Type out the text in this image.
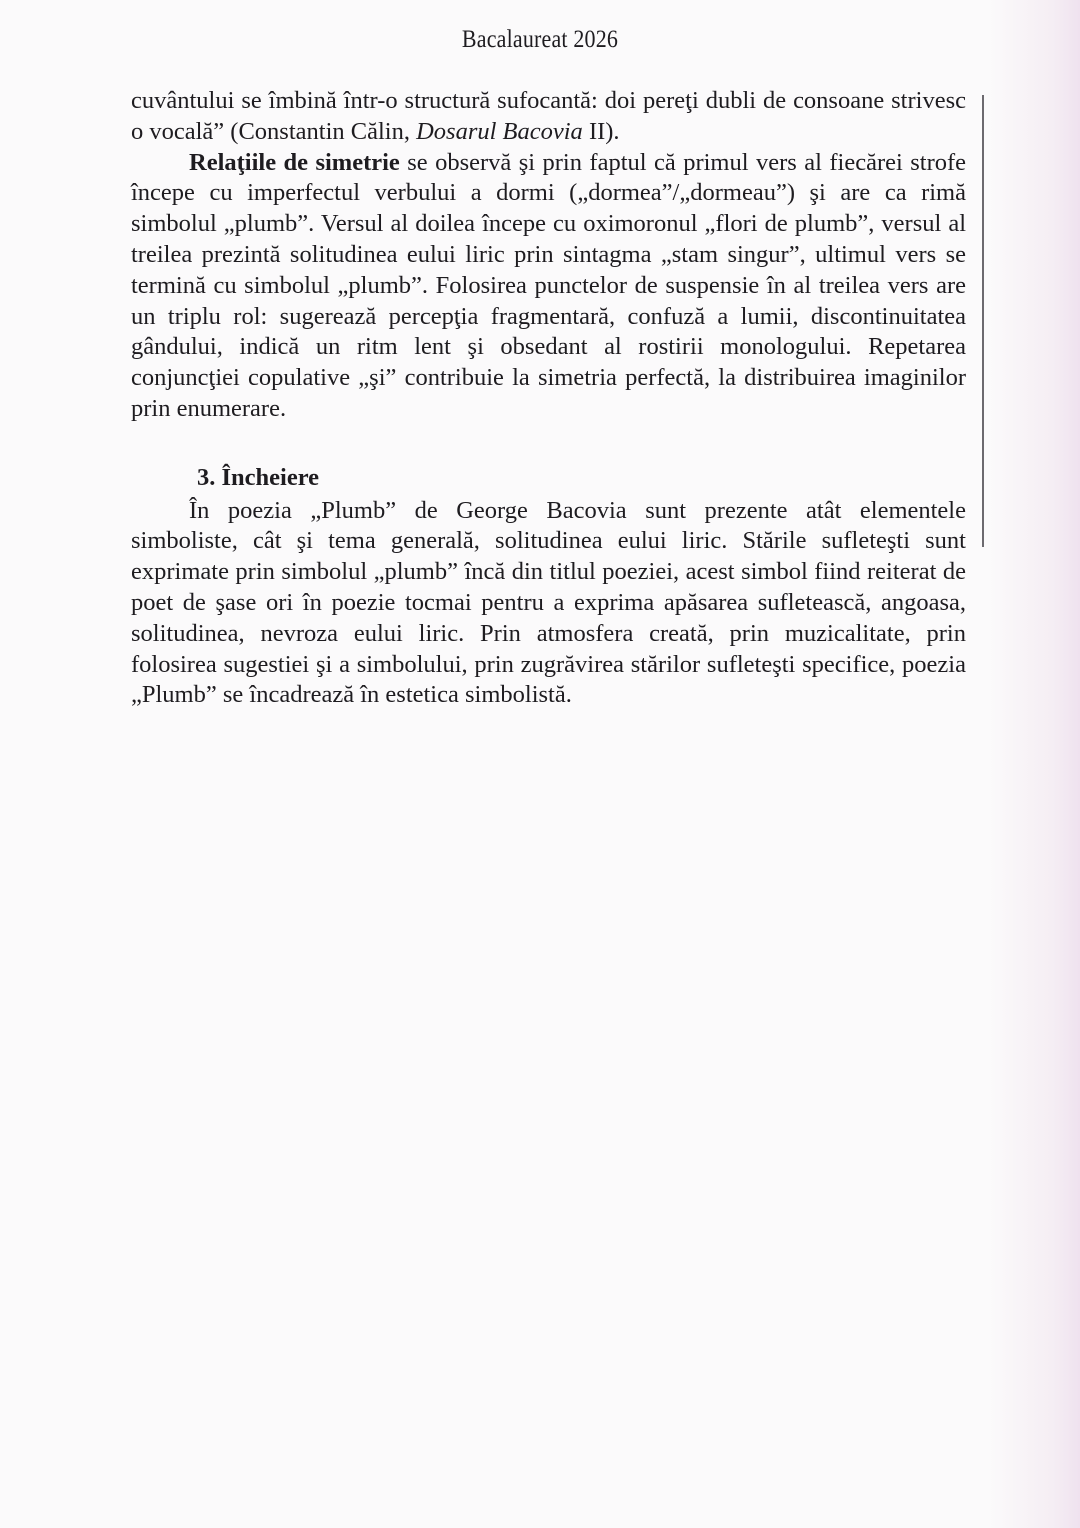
Bacalaureat 2026

cuvântului se îmbină într-o structură sufocantă: doi pereţi dubli de consoane strivesc o vocală” (Constantin Călin, Dosarul Bacovia II).

Relaţiile de simetrie se observă şi prin faptul că primul vers al fiecărei strofe începe cu imperfectul verbului a dormi („dormea”/„dormeau”) şi are ca rimă simbolul „plumb”. Versul al doilea începe cu oximoronul „flori de plumb”, versul al treilea prezintă solitudinea eului liric prin sintagma „stam singur”, ultimul vers se termină cu simbolul „plumb”. Folosirea punctelor de suspensie în al treilea vers are un triplu rol: sugerează percepţia fragmentară, confuză a lumii, discontinuitatea gândului, indică un ritm lent şi obsedant al rostirii monologului. Repetarea conjuncţiei copulative „şi” contribuie la simetria perfectă, la distribuirea imaginilor prin enumerare.

3. Încheiere

În poezia „Plumb” de George Bacovia sunt prezente atât elementele simboliste, cât şi tema generală, solitudinea eului liric. Stările sufleteşti sunt exprimate prin simbolul „plumb” încă din titlul poeziei, acest simbol fiind reiterat de poet de şase ori în poezie tocmai pentru a exprima apăsarea sufletească, angoasa, solitudinea, nevroza eului liric. Prin atmosfera creată, prin muzicalitate, prin folosirea sugestiei şi a simbolului, prin zugrăvirea stărilor sufleteşti specifice, poezia „Plumb” se încadrează în estetica simbolistă.
